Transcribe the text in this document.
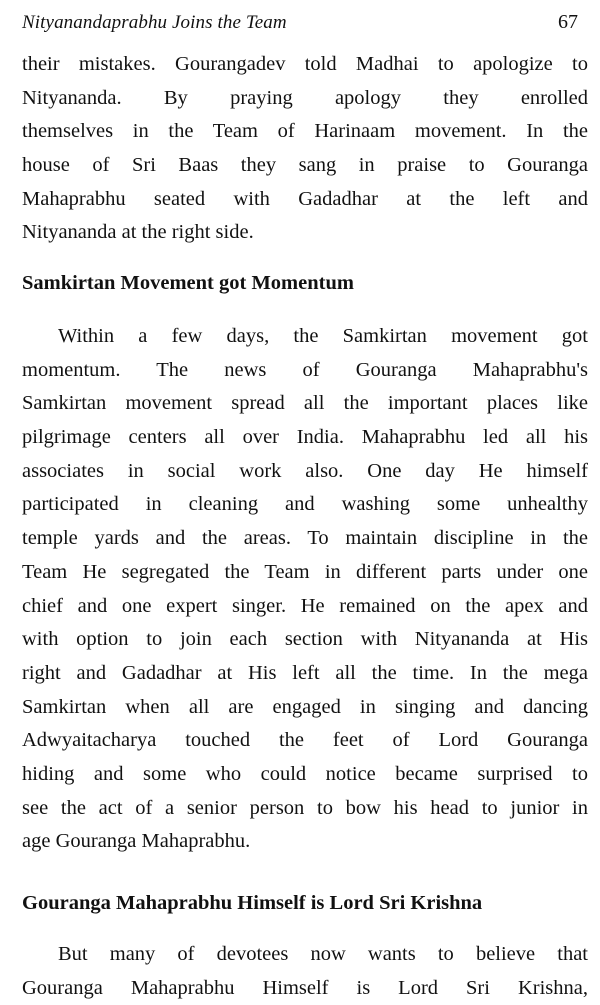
Nityanandaprabhu Joins the Team	67
their mistakes. Gourangadev told Madhai to apologize to
Nityananda. By praying apology they enrolled
themselves in the Team of Harinaam movement. In the
house of Sri Baas they sang in praise to Gouranga
Mahaprabhu seated with Gadadhar at the left and
Nityananda at the right side.
Samkirtan Movement got Momentum
Within a few days, the Samkirtan movement got
momentum. The news of Gouranga Mahaprabhu's
Samkirtan movement spread all the important places like
pilgrimage centers all over India. Mahaprabhu led all his
associates in social work also. One day He himself
participated in cleaning and washing some unhealthy
temple yards and the areas. To maintain discipline in the
Team He segregated the Team in different parts under one
chief and one expert singer. He remained on the apex and
with option to join each section with Nityananda at His
right and Gadadhar at His left all the time. In the mega
Samkirtan when all are engaged in singing and dancing
Adwyaitacharya touched the feet of Lord Gouranga
hiding and some who could notice became surprised to
see the act of a senior person to bow his head to junior in
age Gouranga Mahaprabhu.
Gouranga Mahaprabhu Himself is Lord Sri Krishna
But many of devotees now wants to believe that
Gouranga Mahaprabhu Himself is Lord Sri Krishna,
